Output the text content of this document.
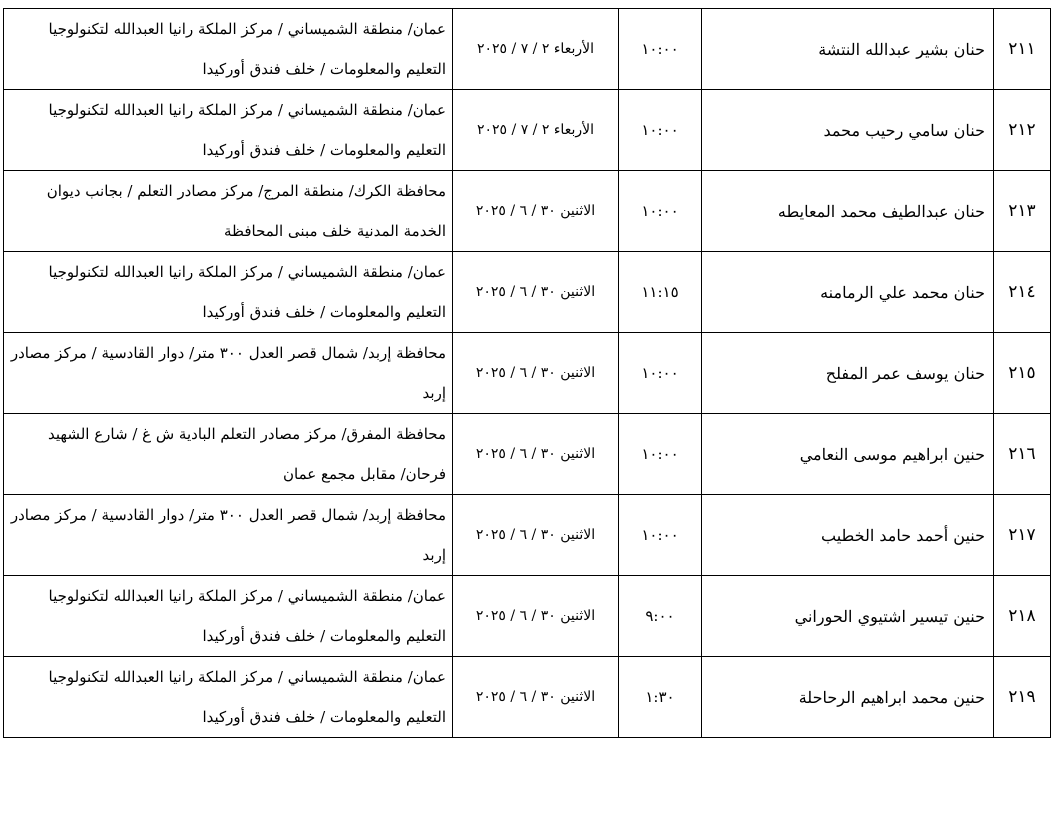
٢١١	حنان بشير عبدالله النتشة	١٠:٠٠	الأربعاء ٢ / ٧ / ٢٠٢٥	عمان/ منطقة الشميساني / مركز الملكة رانيا العبدالله لتكنولوجيا التعليم والمعلومات / خلف فندق أوركيدا
٢١٢	حنان سامي رحيب محمد	١٠:٠٠	الأربعاء ٢ / ٧ / ٢٠٢٥	عمان/ منطقة الشميساني / مركز الملكة رانيا العبدالله لتكنولوجيا التعليم والمعلومات / خلف فندق أوركيدا
٢١٣	حنان عبدالطيف محمد المعايطه	١٠:٠٠	الاثنين ٣٠ / ٦ / ٢٠٢٥	محافظة الكرك/ منطقة المرج/ مركز مصادر التعلم / بجانب ديوان الخدمة المدنية خلف مبنى المحافظة
٢١٤	حنان محمد علي الرمامنه	١١:١٥	الاثنين ٣٠ / ٦ / ٢٠٢٥	عمان/ منطقة الشميساني / مركز الملكة رانيا العبدالله لتكنولوجيا التعليم والمعلومات / خلف فندق أوركيدا
٢١٥	حنان يوسف عمر المفلح	١٠:٠٠	الاثنين ٣٠ / ٦ / ٢٠٢٥	محافظة إربد/ شمال قصر العدل ٣٠٠ متر/ دوار القادسية / مركز مصادر إربد
٢١٦	حنين ابراهيم موسى النعامي	١٠:٠٠	الاثنين ٣٠ / ٦ / ٢٠٢٥	محافظة المفرق/ مركز مصادر التعلم البادية ش غ / شارع الشهيد فرحان/ مقابل مجمع عمان
٢١٧	حنين أحمد حامد الخطيب	١٠:٠٠	الاثنين ٣٠ / ٦ / ٢٠٢٥	محافظة إربد/ شمال قصر العدل ٣٠٠ متر/ دوار القادسية / مركز مصادر إربد
٢١٨	حنين تيسير اشتيوي الحوراني	٩:٠٠	الاثنين ٣٠ / ٦ / ٢٠٢٥	عمان/ منطقة الشميساني / مركز الملكة رانيا العبدالله لتكنولوجيا التعليم والمعلومات / خلف فندق أوركيدا
٢١٩	حنين محمد ابراهيم الرحاحلة	١:٣٠	الاثنين ٣٠ / ٦ / ٢٠٢٥	عمان/ منطقة الشميساني / مركز الملكة رانيا العبدالله لتكنولوجيا التعليم والمعلومات / خلف فندق أوركيدا
